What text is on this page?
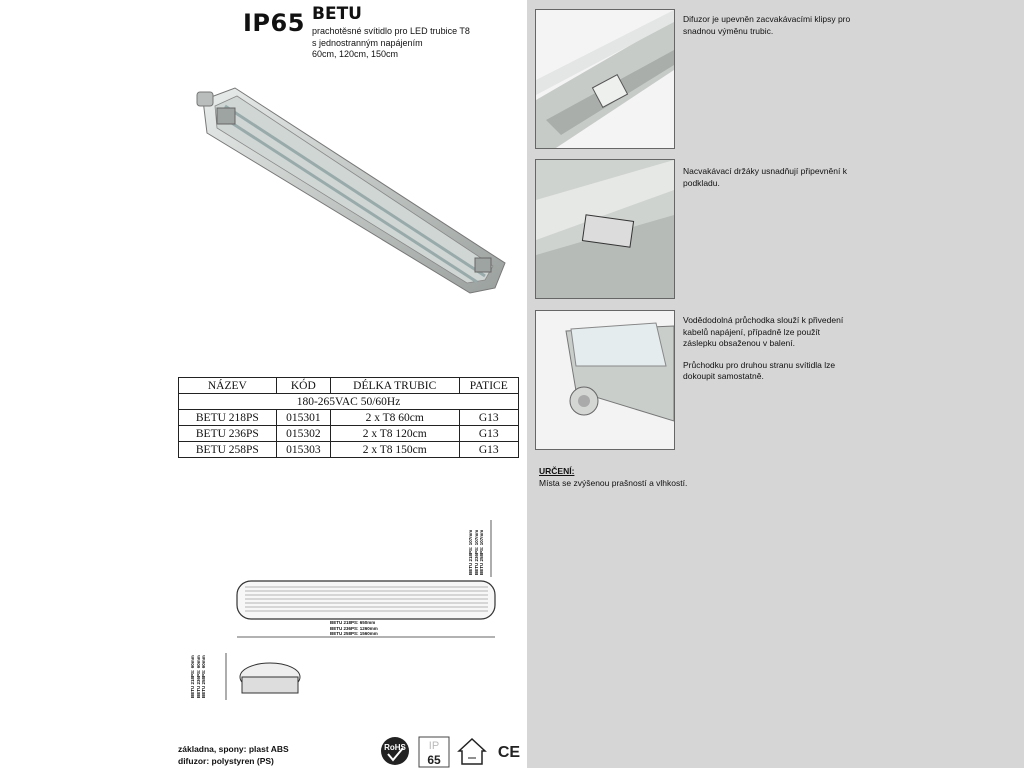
IP65 BETU
prachotěsné svítidlo pro LED trubice T8
s jednostranným napájením
60cm, 120cm, 150cm
NÁZEV	KÓD	DÉLKA TRUBIC	PATICE
180-265VAC 50/60Hz			
BETU 218PS	015301	2 x T8 60cm	G13
BETU 236PS	015302	2 x T8 120cm	G13
BETU 258PS	015303	2 x T8 150cm	G13
Difuzor je upevněn zacvakávacími klipsy pro snadnou výměnu trubic.
Nacvakávací držáky usnadňují připevnění k podkladu.
Vodědodolná průchodka slouží k přivedení kabelů napájení, případně lze použít záslepku obsaženou v balení.
Průchodku pro druhou stranu svítidla lze dokoupit samostatně.
URČENÍ:
Místa se zvýšenou prašností a vlhkostí.
BETU 218PS: 107mm BETU 236PS: 107mm BETU 258PS: 107mm
BETU 218PS: 650mm
BETU 236PS: 1260mm
BETU 258PS: 1560mm
BETU 218PS: 60mm BETU 236PS: 60mm BETU 258PS: 60mm
základna, spony: plast ABS
difuzor: polystyren (PS)
RoHS IP
65	CE
